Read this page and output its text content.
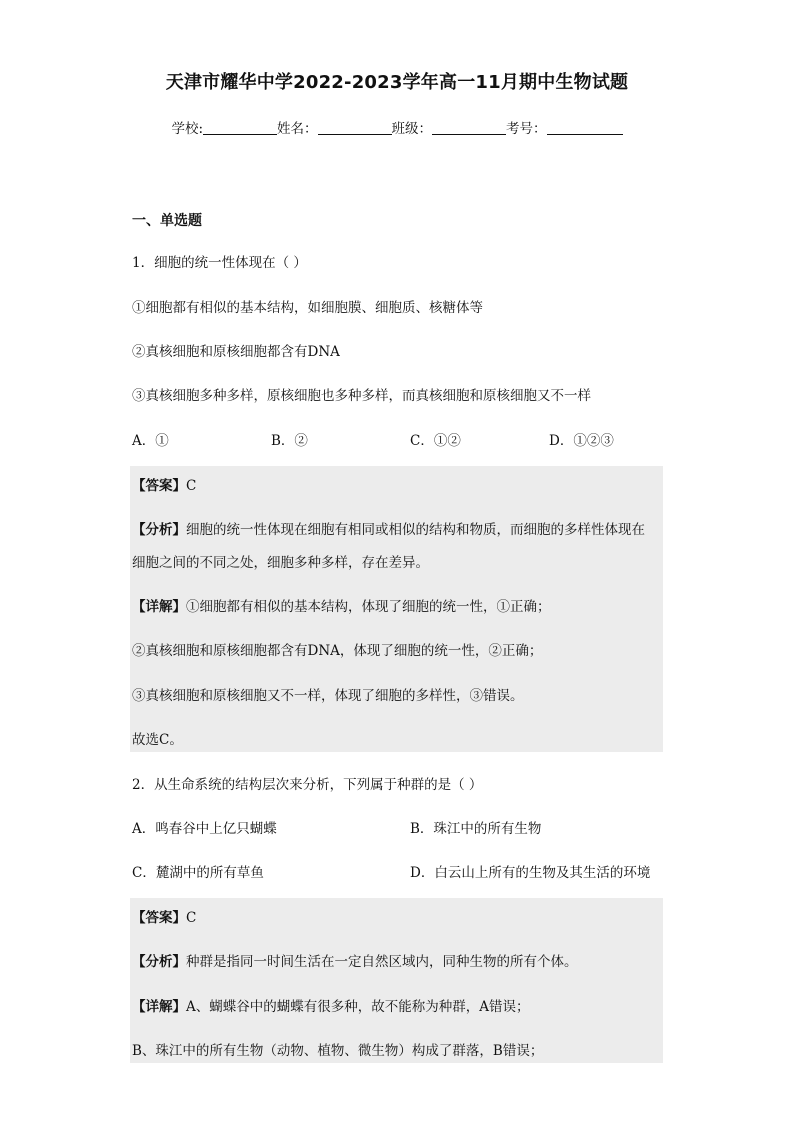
天津市耀华中学2022-2023学年高一11月期中生物试题
学校:	姓名：	班级：	考号：
一、单选题
1．细胞的统一性体现在（ ）
①细胞都有相似的基本结构，如细胞膜、细胞质、核糖体等
②真核细胞和原核细胞都含有DNA
③真核细胞多种多样，原核细胞也多种多样，而真核细胞和原核细胞又不一样
A．①	B．②	C．①②	D．①②③
【答案】C
【分析】细胞的统一性体现在细胞有相同或相似的结构和物质，而细胞的多样性体现在
细胞之间的不同之处，细胞多种多样，存在差异。
【详解】①细胞都有相似的基本结构，体现了细胞的统一性，①正确；
②真核细胞和原核细胞都含有DNA，体现了细胞的统一性，②正确；
③真核细胞和原核细胞又不一样，体现了细胞的多样性，③错误。
故选C。
2．从生命系统的结构层次来分析，下列属于种群的是（ ）
A．鸣春谷中上亿只蝴蝶	B．珠江中的所有生物
C．麓湖中的所有草鱼	D．白云山上所有的生物及其生活的环境
【答案】C
【分析】种群是指同一时间生活在一定自然区域内，同种生物的所有个体。
【详解】A、蝴蝶谷中的蝴蝶有很多种，故不能称为种群，A错误；
B、珠江中的所有生物（动物、植物、微生物）构成了群落，B错误；
